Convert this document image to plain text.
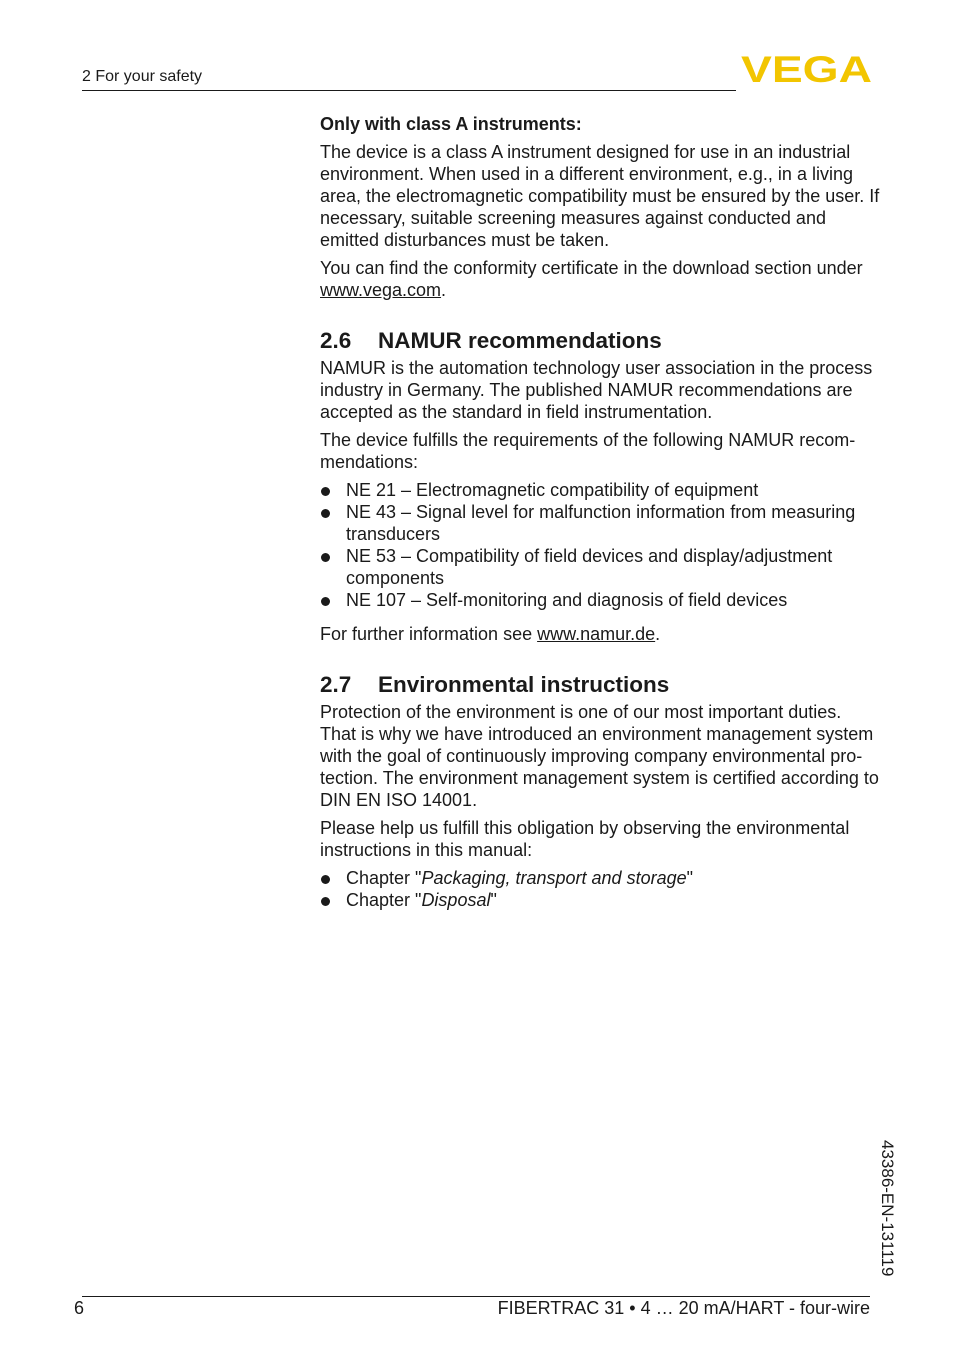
2 For your safety	VEGA

Only with class A instruments:

The device is a class A instrument designed for use in an industrial environment. When used in a different environment, e.g., in a living area, the electromagnetic compatibility must be ensured by the user. If necessary, suitable screening measures against conducted and emitted disturbances must be taken.

You can find the conformity certificate in the download section under www.vega.com.

2.6 NAMUR recommendations

NAMUR is the automation technology user association in the process industry in Germany. The published NAMUR recommendations are accepted as the standard in field instrumentation.

The device fulfills the requirements of the following NAMUR recom-mendations:

NE 21 – Electromagnetic compatibility of equipment
NE 43 – Signal level for malfunction information from measuring transducers
NE 53 – Compatibility of field devices and display/adjustment components
NE 107 – Self-monitoring and diagnosis of field devices

For further information see www.namur.de.

2.7 Environmental instructions

Protection of the environment is one of our most important duties. That is why we have introduced an environment management system with the goal of continuously improving company environmental pro-tection. The environment management system is certified according to DIN EN ISO 14001.

Please help us fulfill this obligation by observing the environmental instructions in this manual:

Chapter "Packaging, transport and storage"
Chapter "Disposal"
43386-EN-131119
6	FIBERTRAC 31 • 4 … 20 mA/HART - four-wire
